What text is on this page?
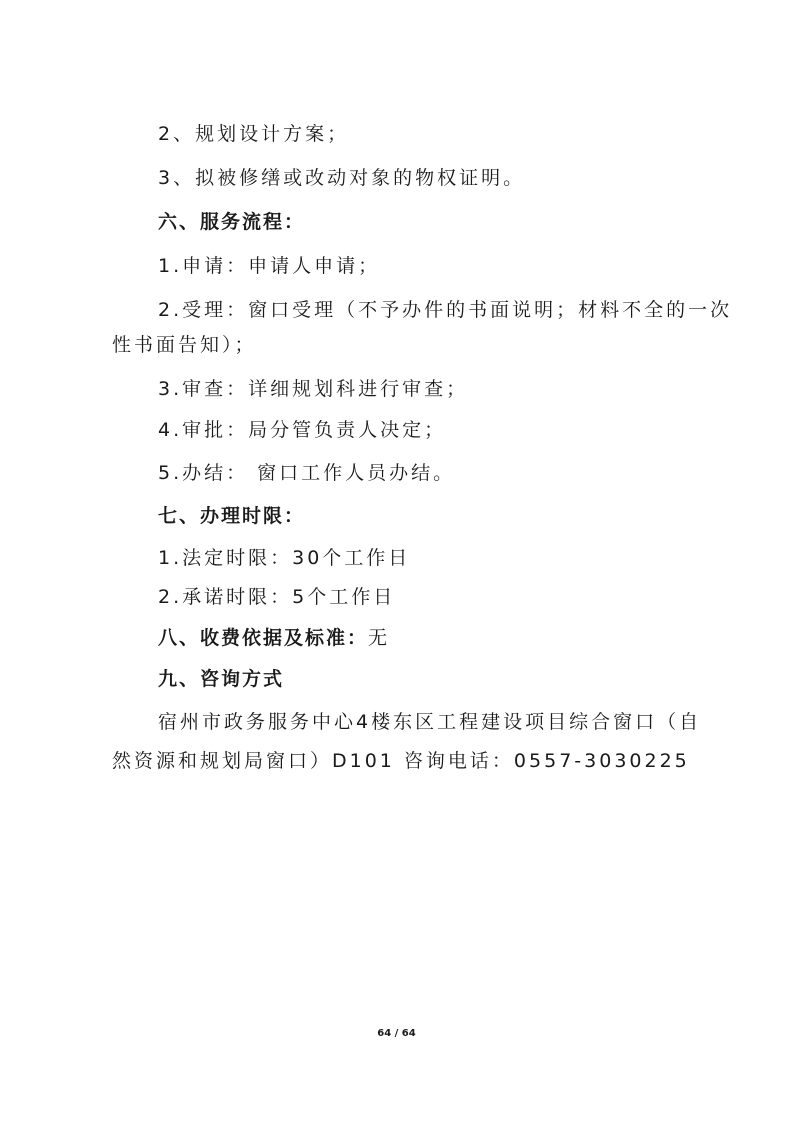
2、规划设计方案；
3、拟被修缮或改动对象的物权证明。
六、服务流程：
1.申请：申请人申请；
2.受理：窗口受理（不予办件的书面说明；材料不全的一次
性书面告知）；
3.审查：详细规划科进行审查；
4.审批：局分管负责人决定；
5.办结： 窗口工作人员办结。
七、办理时限：
1.法定时限：30个工作日
2.承诺时限：5个工作日
八、收费依据及标准：无
九、咨询方式
宿州市政务服务中心4楼东区工程建设项目综合窗口（自
然资源和规划局窗口）D101 咨询电话：0557-3030225
64 / 64
